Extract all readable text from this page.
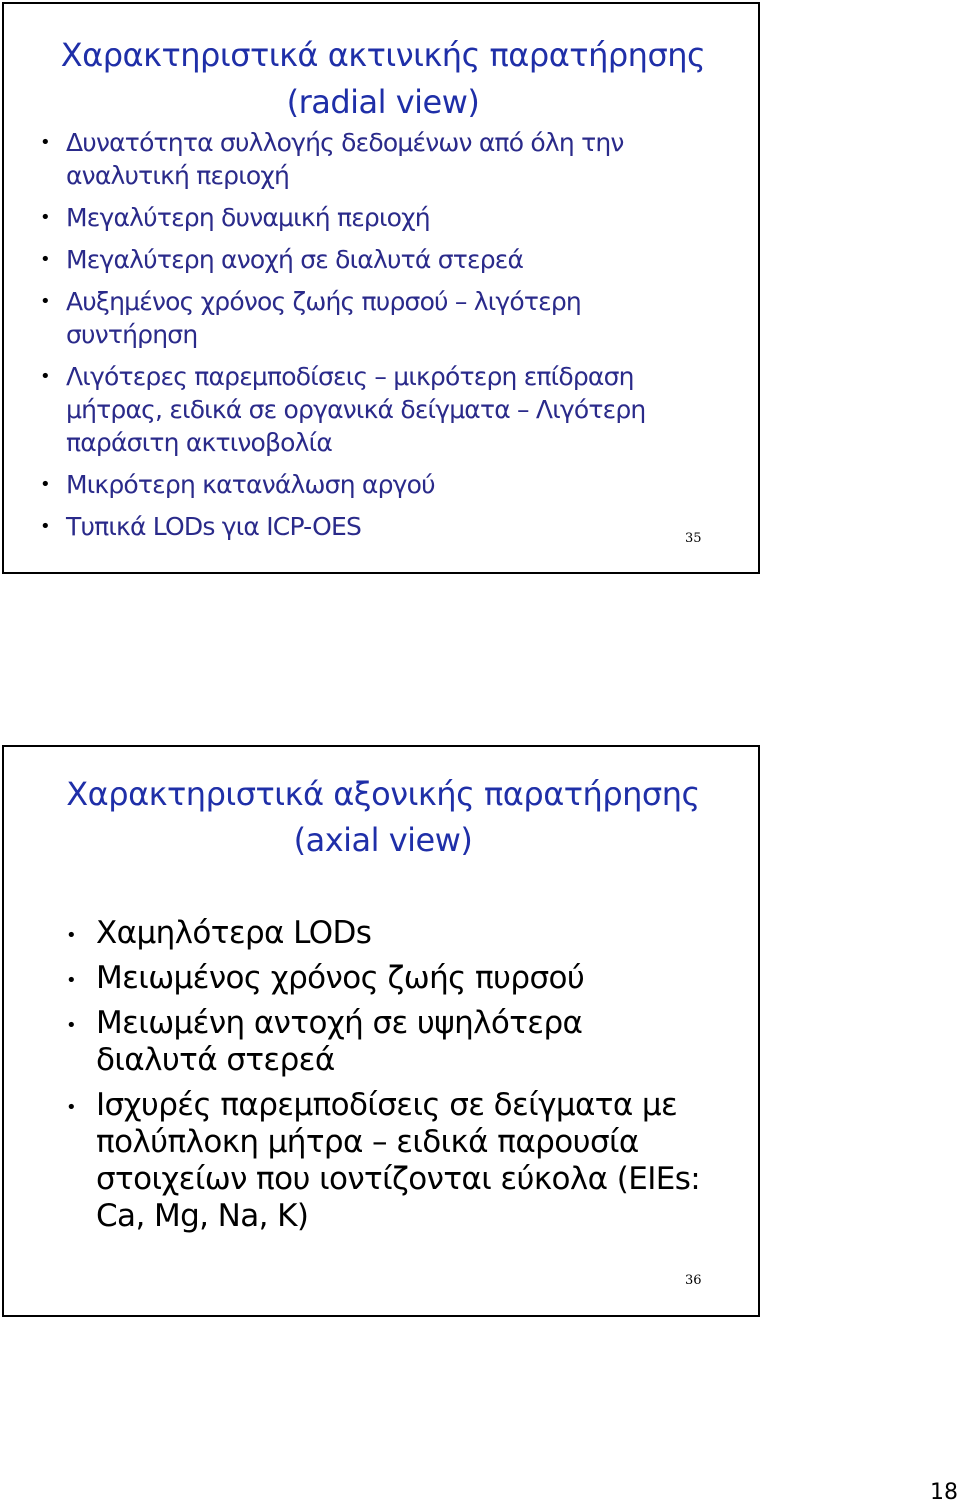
Χαρακτηριστικά ακτινικής παρατήρησης
(radial view)
• Δυνατότητα συλλογής δεδομένων από όλη την
αναλυτική περιοχή
• Μεγαλύτερη δυναμική περιοχή
• Μεγαλύτερη ανοχή σε διαλυτά στερεά
• Αυξημένος χρόνος ζωής πυρσού – λιγότερη
συντήρηση
• Λιγότερες παρεμποδίσεις – μικρότερη επίδραση
μήτρας, ειδικά σε οργανικά δείγματα – Λιγότερη
παράσιτη ακτινοβολία
• Μικρότερη κατανάλωση αργού
• Τυπικά LODs για ICP-OES	35
Χαρακτηριστικά αξονικής παρατήρησης
(axial view)
• Χαμηλότερα LODs
• Μειωμένος χρόνος ζωής πυρσού
• Μειωμένη αντοχή σε υψηλότερα
διαλυτά στερεά
• Ισχυρές παρεμποδίσεις σε δείγματα με
πολύπλοκη μήτρα – ειδικά παρουσία
στοιχείων που ιοντίζονται εύκολα (EIEs:
Ca, Mg, Na, K)
36
18
